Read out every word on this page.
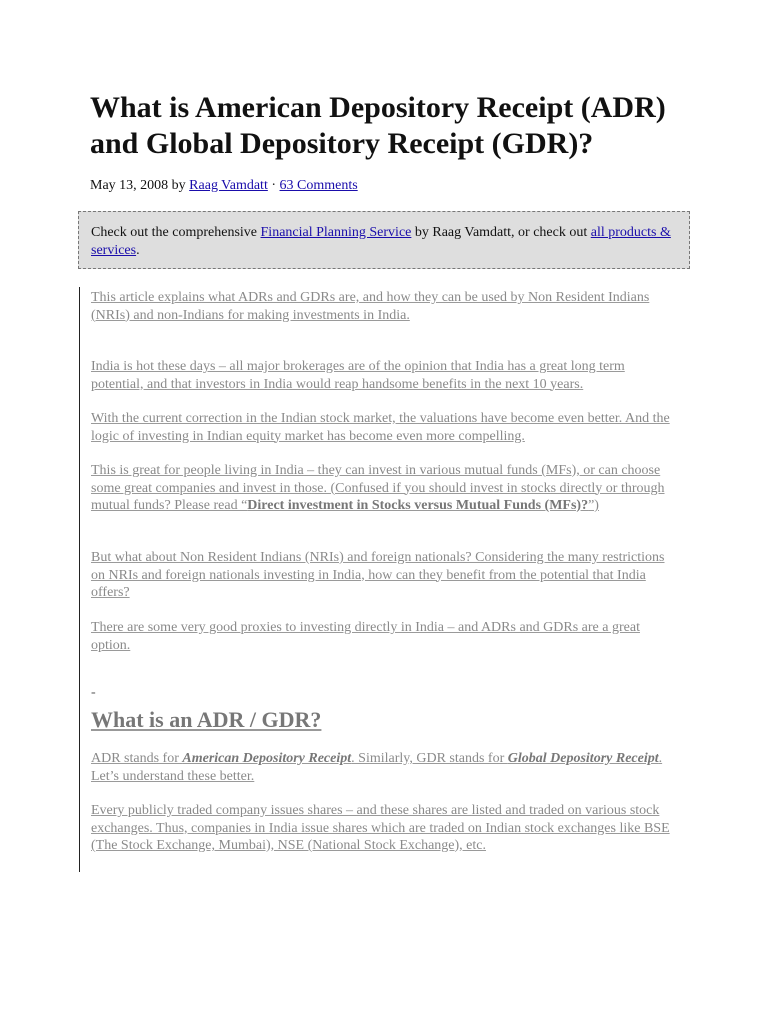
What is American Depository Receipt (ADR) and Global Depository Receipt (GDR)?
May 13, 2008 by Raag Vamdatt · 63 Comments
Check out the comprehensive Financial Planning Service by Raag Vamdatt, or check out all products & services.

This article explains what ADRs and GDRs are, and how they can be used by Non Resident Indians (NRIs) and non-Indians for making investments in India.

India is hot these days – all major brokerages are of the opinion that India has a great long term potential, and that investors in India would reap handsome benefits in the next 10 years.

With the current correction in the Indian stock market, the valuations have become even better. And the logic of investing in Indian equity market has become even more compelling.

This is great for people living in India – they can invest in various mutual funds (MFs), or can choose some great companies and invest in those. (Confused if you should invest in stocks directly or through mutual funds? Please read “Direct investment in Stocks versus Mutual Funds (MFs)?”)

But what about Non Resident Indians (NRIs) and foreign nationals? Considering the many restrictions on NRIs and foreign nationals investing in India, how can they benefit from the potential that India offers?

There are some very good proxies to investing directly in India – and ADRs and GDRs are a great option.

-
What is an ADR / GDR?

ADR stands for American Depository Receipt. Similarly, GDR stands for Global Depository Receipt. Let’s understand these better.

Every publicly traded company issues shares – and these shares are listed and traded on various stock exchanges. Thus, companies in India issue shares which are traded on Indian stock exchanges like BSE (The Stock Exchange, Mumbai), NSE (National Stock Exchange), etc.
